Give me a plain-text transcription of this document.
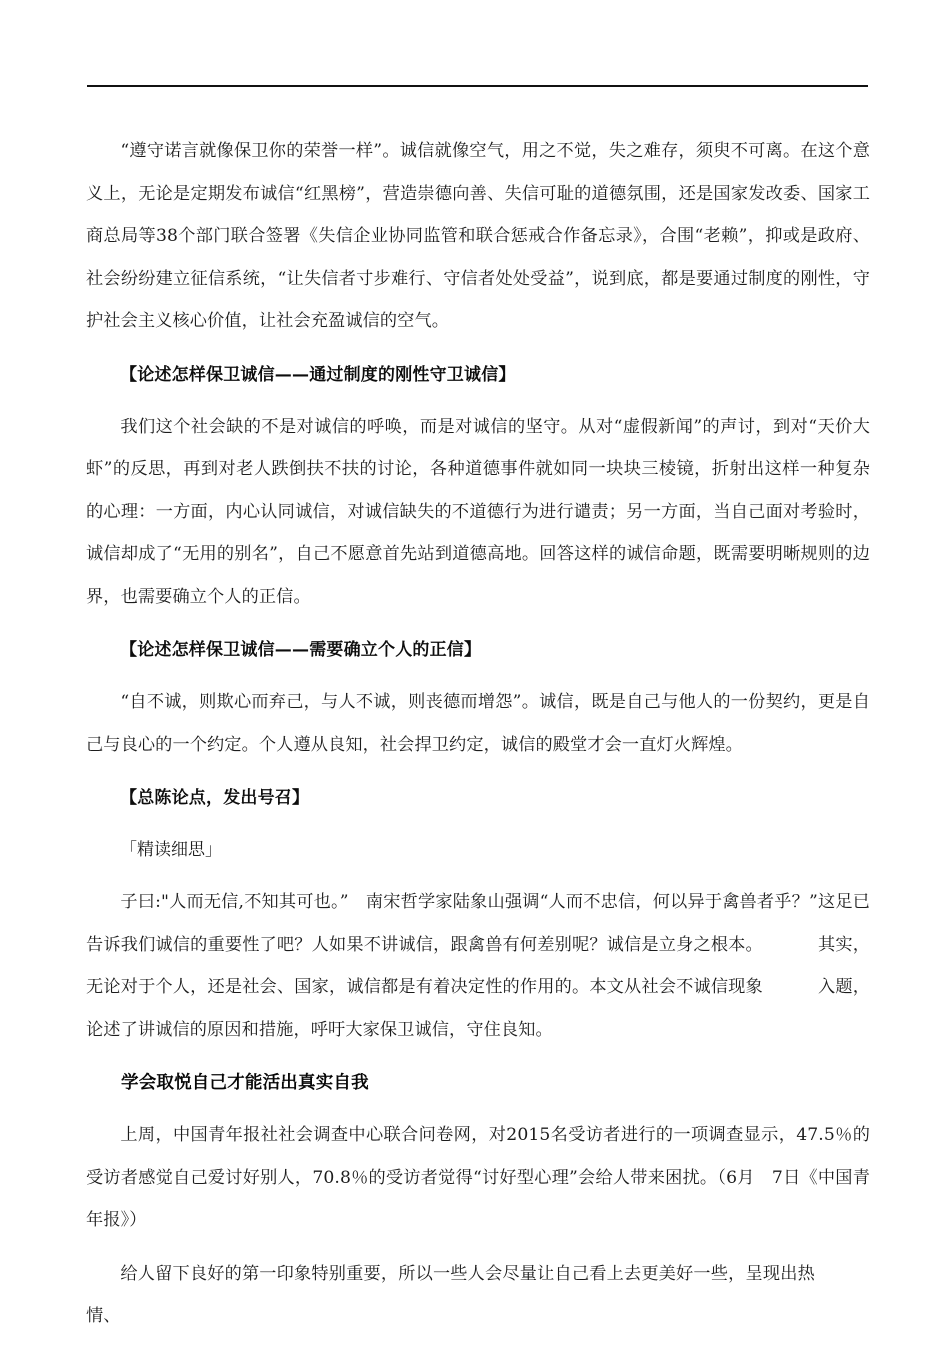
“遵守诺言就像保卫你的荣誉一样”。诚信就像空气，用之不觉，失之难存，须臾不可离。在这个意义上，无论是定期发布诚信“红黑榜”，营造崇德向善、失信可耻的道德氛围，还是国家发改委、国家工商总局等38个部门联合签署《失信企业协同监管和联合惩戒合作备忘录》，合围“老赖”，抑或是政府、社会纷纷建立征信系统，“让失信者寸步难行、守信者处处受益”，说到底，都是要通过制度的刚性，守护社会主义核心价值，让社会充盈诚信的空气。

【论述怎样保卫诚信——通过制度的刚性守卫诚信】

我们这个社会缺的不是对诚信的呼唤，而是对诚信的坚守。从对“虚假新闻”的声讨，到对“天价大虾”的反思，再到对老人跌倒扶不扶的讨论，各种道德事件就如同一块块三棱镜，折射出这样一种复杂的心理：一方面，内心认同诚信，对诚信缺失的不道德行为进行谴责；另一方面，当自己面对考验时，诚信却成了“无用的别名”，自己不愿意首先站到道德高地。回答这样的诚信命题，既需要明晰规则的边界，也需要确立个人的正信。

【论述怎样保卫诚信——需要确立个人的正信】

“自不诚，则欺心而弃己，与人不诚，则丧德而增怨”。诚信，既是自己与他人的一份契约，更是自己与良心的一个约定。个人遵从良知，社会捍卫约定，诚信的殿堂才会一直灯火辉煌。

【总陈论点，发出号召】
「精读细思」

子曰:"人而无信,不知其可也。” 南宋哲学家陆象山强调“人而不忠信，何以异于禽兽者乎？”这足已告诉我们诚信的重要性了吧？人如果不讲诚信，跟禽兽有何差别呢？诚信是立身之根本。	其实，无论对于个人，还是社会、国家，诚信都是有着决定性的作用的。本文从社会不诚信现象	入题，论述了讲诚信的原因和措施，呼吁大家保卫诚信，守住良知。

学会取悦自己才能活出真实自我

上周，中国青年报社社会调查中心联合问卷网，对2015名受访者进行的一项调查显示，47.5％的受访者感觉自己爱讨好别人，70.8％的受访者觉得“讨好型心理”会给人带来困扰。（6月 7日《中国青年报》）

给人留下良好的第一印象特别重要，所以一些人会尽量让自己看上去更美好一些，呈现出热情、
